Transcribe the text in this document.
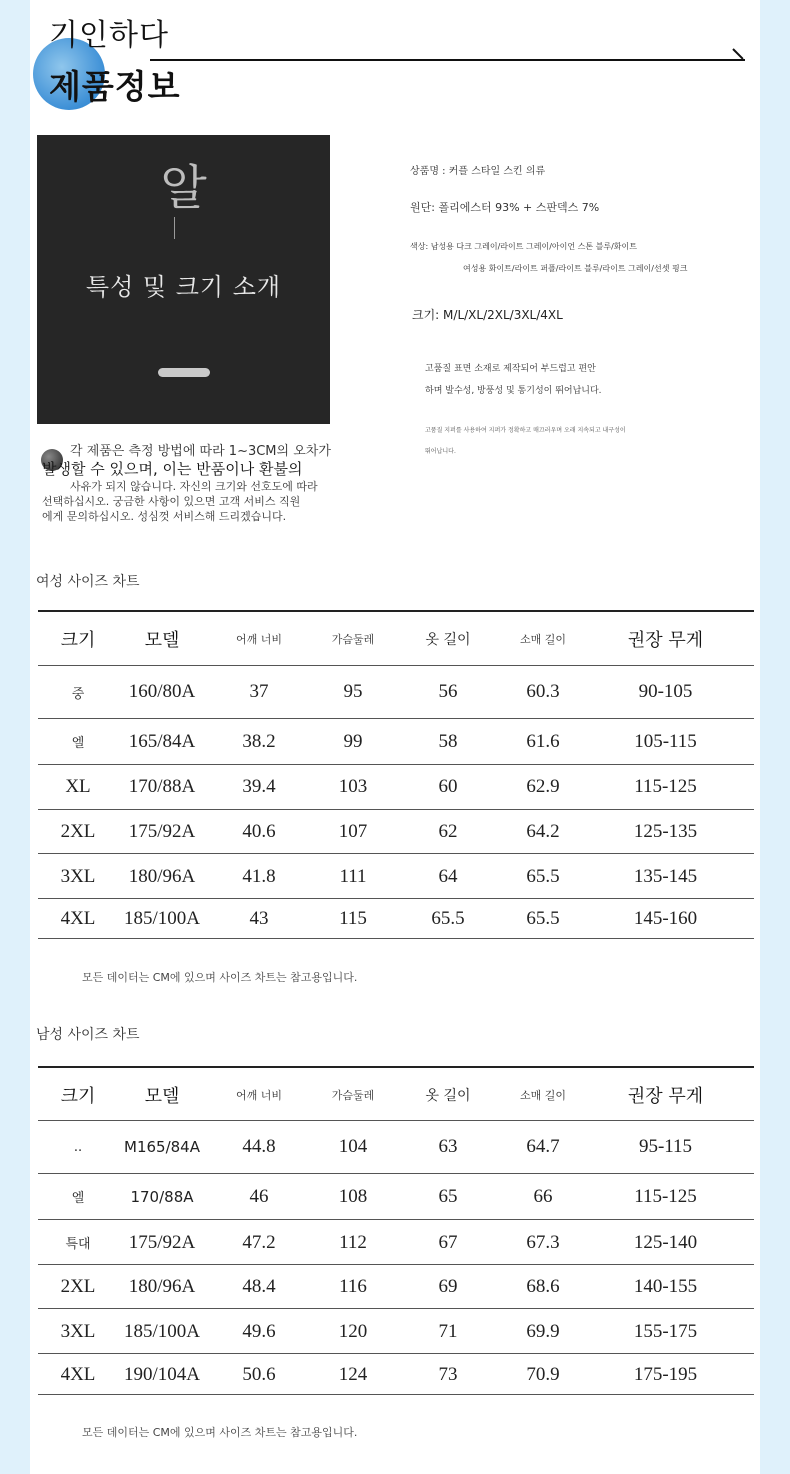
기인하다
제품정보
알
특성 및 크기 소개
각 제품은 측정 방법에 따라 1~3CM의 오차가
발생할 수 있으며, 이는 반품이나 환불의
사유가 되지 않습니다. 자신의 크기와 선호도에 따라
선택하십시오. 궁금한 사항이 있으면 고객 서비스 직원
에게 문의하십시오. 성심껏 서비스해 드리겠습니다.
상품명 : 커플 스타일 스킨 의류
원단: 폴리에스터 93% + 스판덱스 7%
색상: 남성용 다크 그레이/라이트 그레이/아이언 스톤 블루/화이트
여성용 화이트/라이트 퍼플/라이트 블루/라이트 그레이/선셋 핑크
크기: M/L/XL/2XL/3XL/4XL
고품질 표면 소재로 제작되어 부드럽고 편안
하며 발수성, 방풍성 및 통기성이 뛰어납니다.
고품질 지퍼를 사용하여 지퍼가 정확하고 매끄러우며 오래 지속되고 내구성이
뛰어납니다.
여성 사이즈 차트
크기	모델	어깨 너비	가슴둘레	옷 길이	소매 길이	권장 무게
중	160/80A	37	95	56	60.3	90-105
엘	165/84A	38.2	99	58	61.6	105-115
XL	170/88A	39.4	103	60	62.9	115-125
2XL	175/92A	40.6	107	62	64.2	125-135
3XL	180/96A	41.8	111	64	65.5	135-145
4XL	185/100A	43	115	65.5	65.5	145-160
모든 데이터는 CM에 있으며 사이즈 차트는 참고용입니다.
남성 사이즈 차트
크기	모델	어깨 너비	가슴둘레	옷 길이	소매 길이	권장 무게
..	M165/84A	44.8	104	63	64.7	95-115
엘	170/88A	46	108	65	66	115-125
특대	175/92A	47.2	112	67	67.3	125-140
2XL	180/96A	48.4	116	69	68.6	140-155
3XL	185/100A	49.6	120	71	69.9	155-175
4XL	190/104A	50.6	124	73	70.9	175-195
모든 데이터는 CM에 있으며 사이즈 차트는 참고용입니다.
